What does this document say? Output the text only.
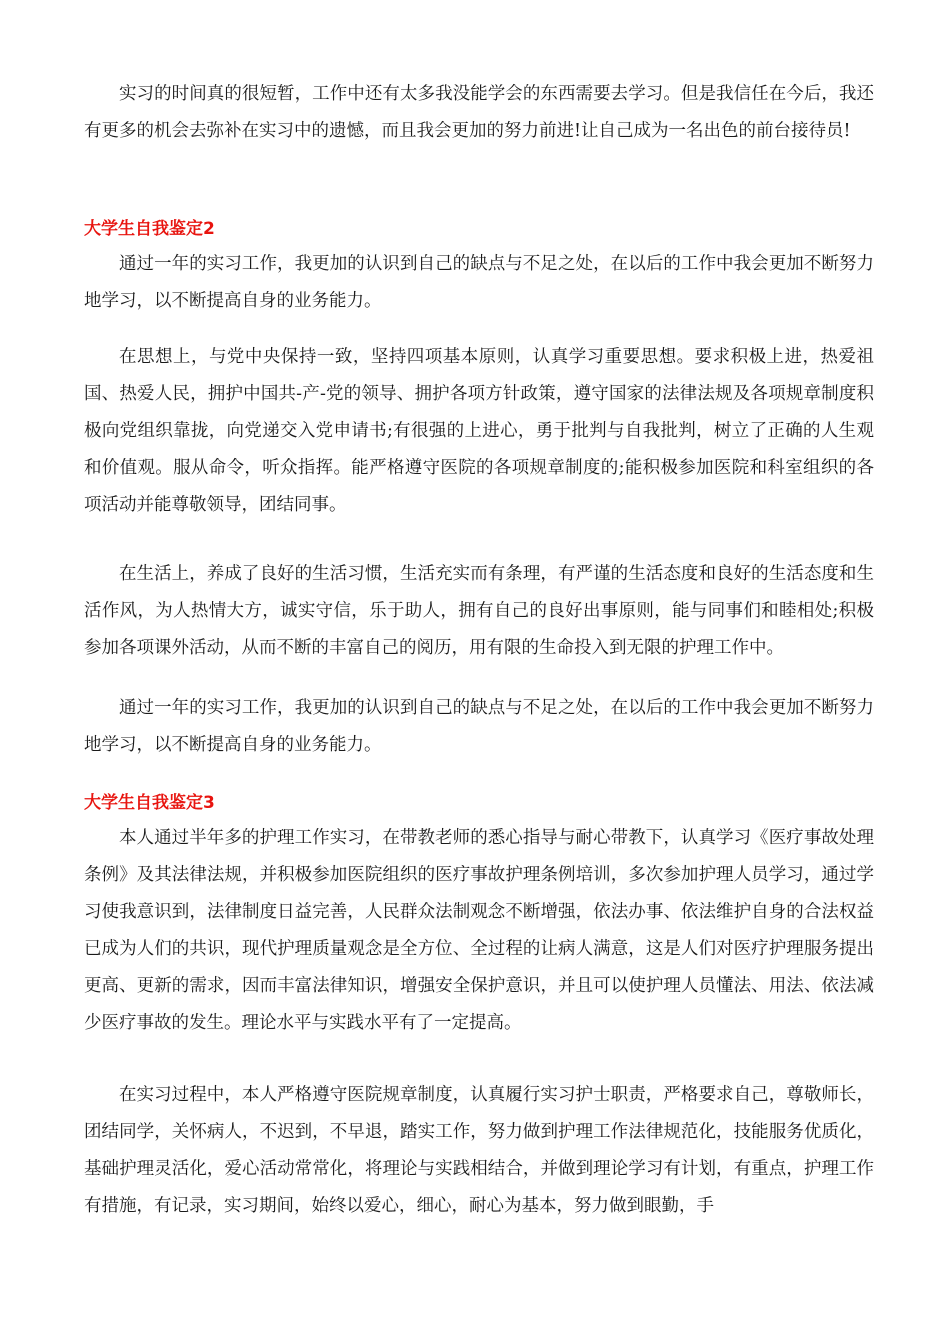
实习的时间真的很短暂，工作中还有太多我没能学会的东西需要去学习。但是我信任在今后，我还有更多的机会去弥补在实习中的遗憾，而且我会更加的努力前进!让自己成为一名出色的前台接待员!

大学生自我鉴定2

通过一年的实习工作，我更加的认识到自己的缺点与不足之处，在以后的工作中我会更加不断努力地学习，以不断提高自身的业务能力。

在思想上，与党中央保持一致，坚持四项基本原则，认真学习重要思想。要求积极上进，热爱祖国、热爱人民，拥护中国共-产-党的领导、拥护各项方针政策，遵守国家的法律法规及各项规章制度积极向党组织靠拢，向党递交入党申请书;有很强的上进心，勇于批判与自我批判，树立了正确的人生观和价值观。服从命令，听众指挥。能严格遵守医院的各项规章制度的;能积极参加医院和科室组织的各项活动并能尊敬领导，团结同事。

在生活上，养成了良好的生活习惯，生活充实而有条理，有严谨的生活态度和良好的生活态度和生活作风，为人热情大方，诚实守信，乐于助人，拥有自己的良好出事原则，能与同事们和睦相处;积极参加各项课外活动，从而不断的丰富自己的阅历，用有限的生命投入到无限的护理工作中。

通过一年的实习工作，我更加的认识到自己的缺点与不足之处，在以后的工作中我会更加不断努力地学习，以不断提高自身的业务能力。

大学生自我鉴定3

本人通过半年多的护理工作实习，在带教老师的悉心指导与耐心带教下，认真学习《医疗事故处理条例》及其法律法规，并积极参加医院组织的医疗事故护理条例培训，多次参加护理人员学习，通过学习使我意识到，法律制度日益完善，人民群众法制观念不断增强，依法办事、依法维护自身的合法权益已成为人们的共识，现代护理质量观念是全方位、全过程的让病人满意，这是人们对医疗护理服务提出更高、更新的需求，因而丰富法律知识，增强安全保护意识，并且可以使护理人员懂法、用法、依法减少医疗事故的发生。理论水平与实践水平有了一定提高。

在实习过程中，本人严格遵守医院规章制度，认真履行实习护士职责，严格要求自己，尊敬师长，团结同学，关怀病人，不迟到，不早退，踏实工作，努力做到护理工作法律规范化，技能服务优质化，基础护理灵活化，爱心活动常常化，将理论与实践相结合，并做到理论学习有计划，有重点，护理工作有措施，有记录，实习期间，始终以爱心，细心，耐心为基本，努力做到眼勤，手
